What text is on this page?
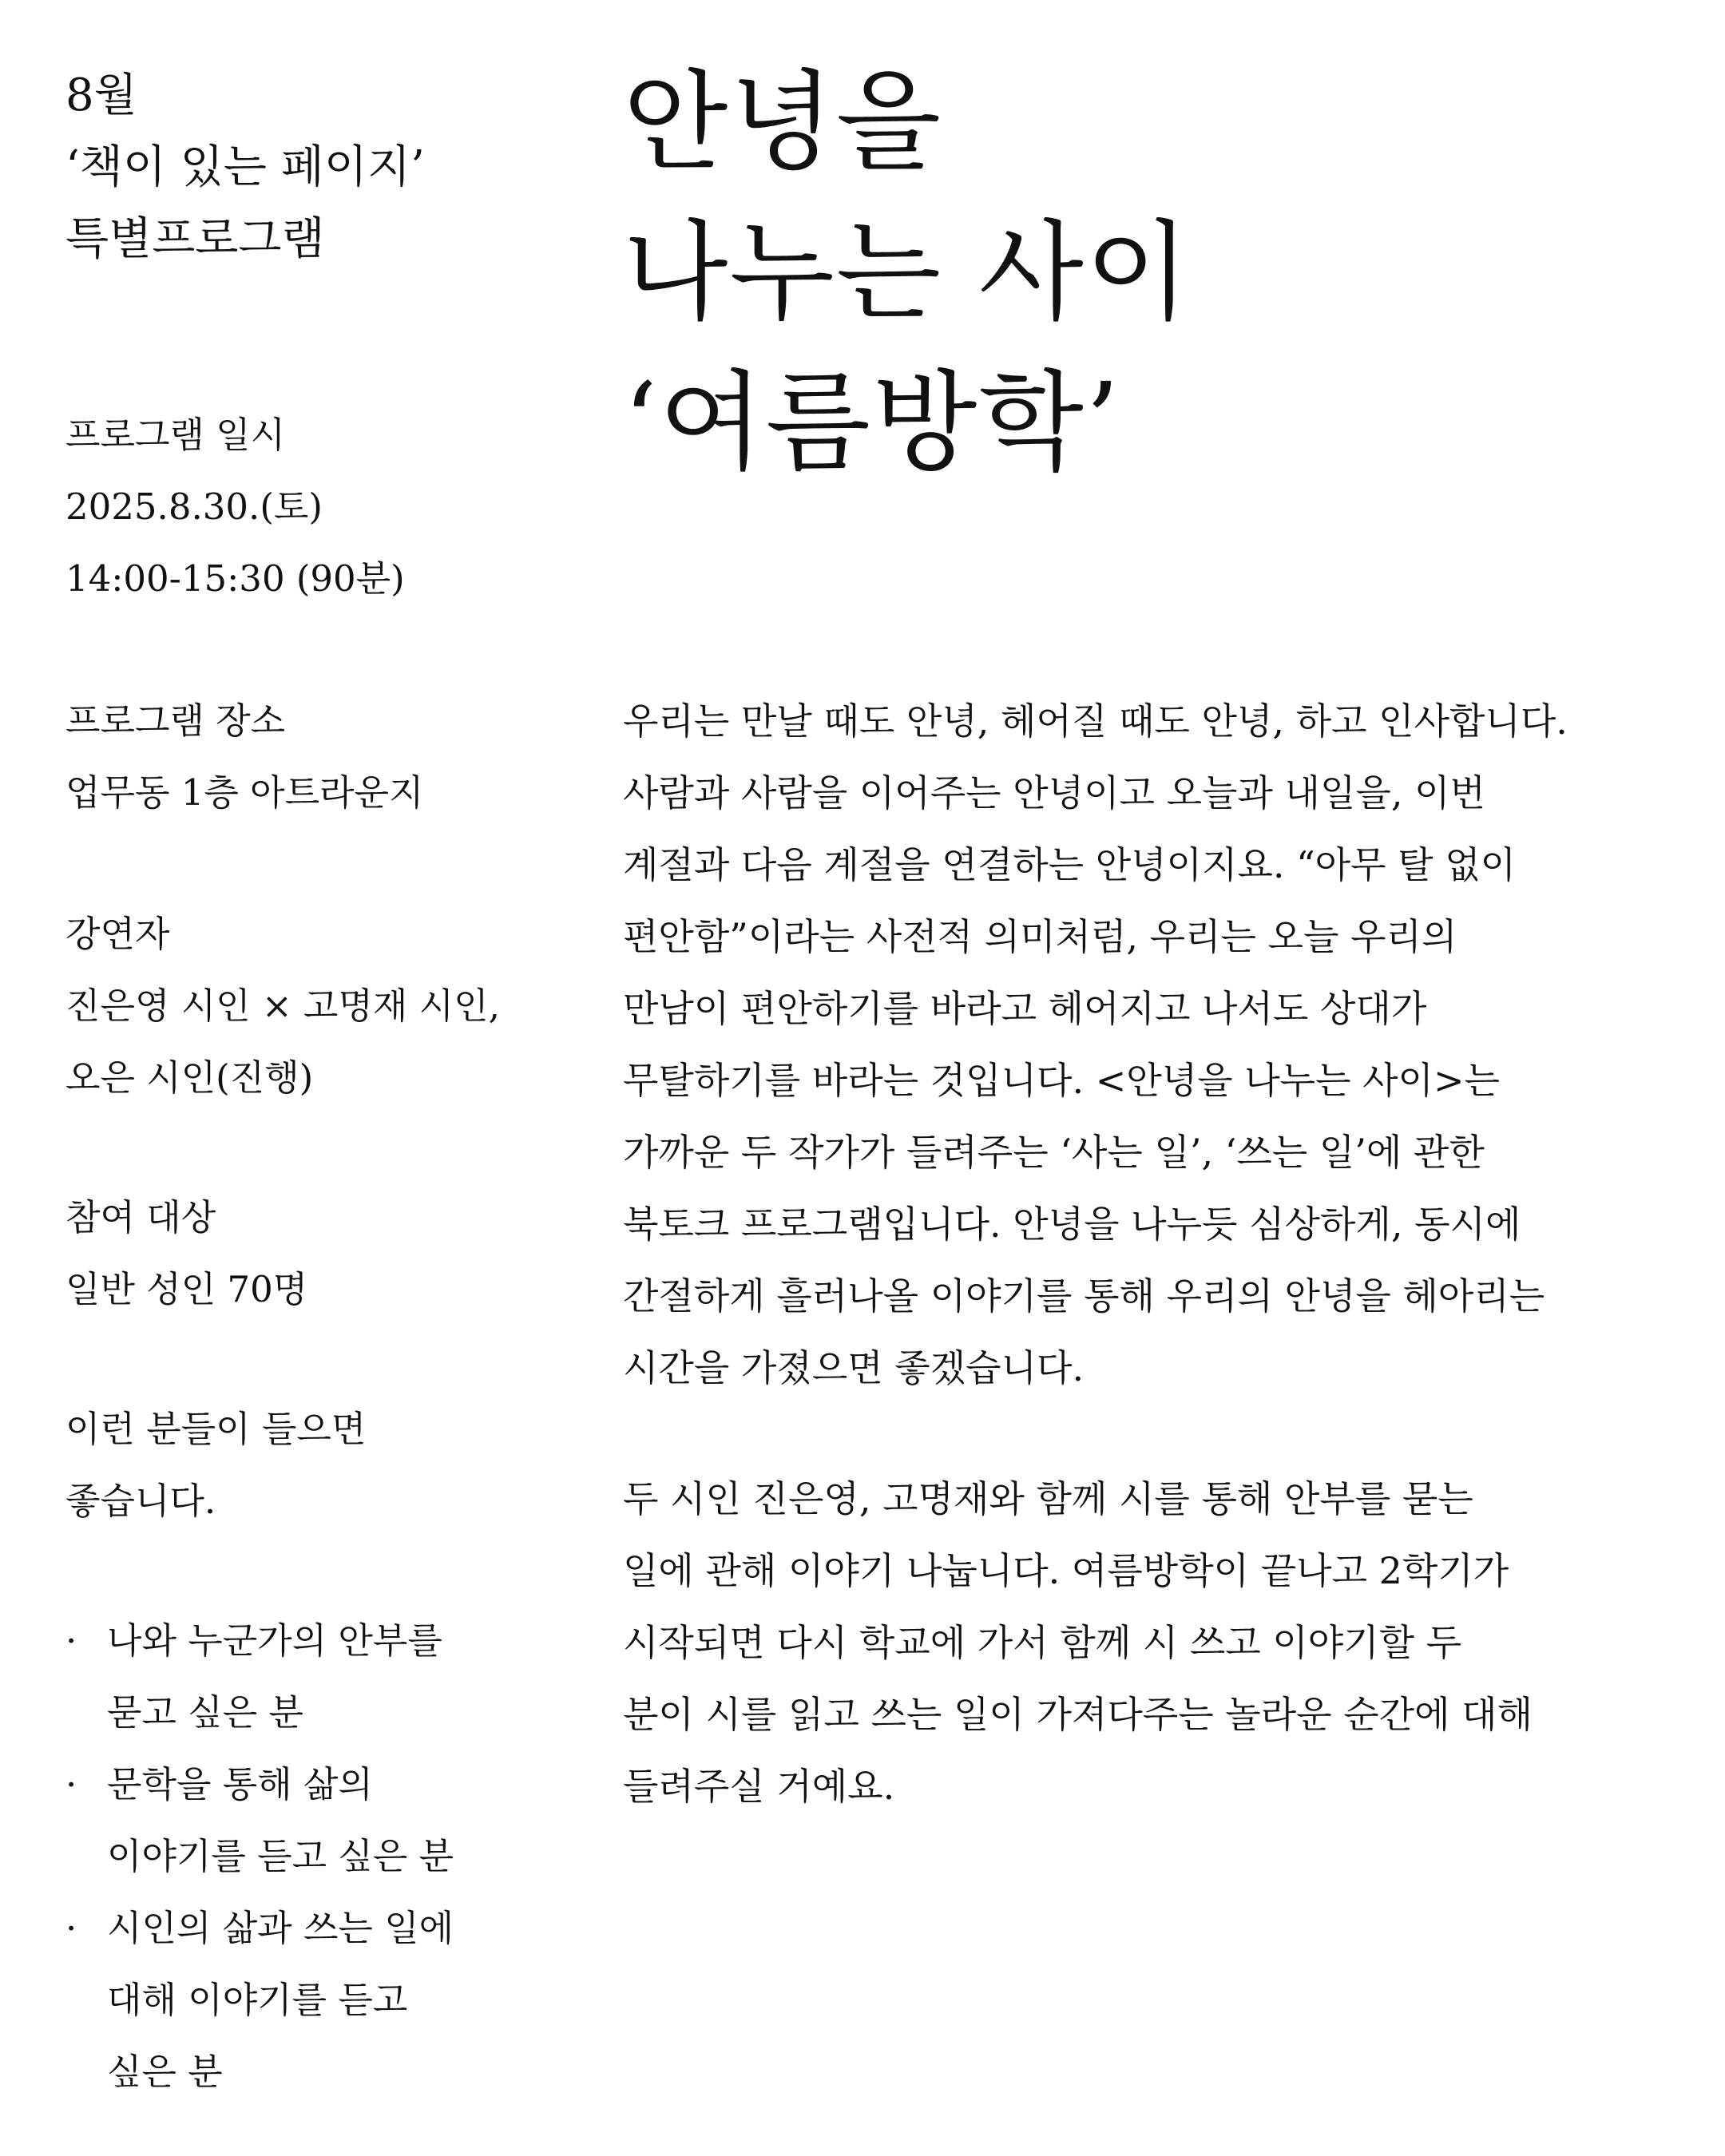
8월
‘책이 있는 페이지’
특별프로그램
프로그램 일시
2025.8.30.(토)
14:00-15:30 (90분)
프로그램 장소
업무동 1층 아트라운지
강연자
진은영 시인 × 고명재 시인,
오은 시인(진행)
참여 대상
일반 성인 70명
이런 분들이 들으면
좋습니다.
· 나와 누군가의 안부를
묻고 싶은 분
· 문학을 통해 삶의
이야기를 듣고 싶은 분
· 시인의 삶과 쓰는 일에
대해 이야기를 듣고
싶은 분
안녕을
나누는 사이
‘여름방학’
우리는 만날 때도 안녕, 헤어질 때도 안녕, 하고 인사합니다.
사람과 사람을 이어주는 안녕이고 오늘과 내일을, 이번
계절과 다음 계절을 연결하는 안녕이지요. “아무 탈 없이
편안함”이라는 사전적 의미처럼, 우리는 오늘 우리의
만남이 편안하기를 바라고 헤어지고 나서도 상대가
무탈하기를 바라는 것입니다. <안녕을 나누는 사이>는
가까운 두 작가가 들려주는 ‘사는 일’, ‘쓰는 일’에 관한
북토크 프로그램입니다. 안녕을 나누듯 심상하게, 동시에
간절하게 흘러나올 이야기를 통해 우리의 안녕을 헤아리는
시간을 가졌으면 좋겠습니다.
두 시인 진은영, 고명재와 함께 시를 통해 안부를 묻는
일에 관해 이야기 나눕니다. 여름방학이 끝나고 2학기가
시작되면 다시 학교에 가서 함께 시 쓰고 이야기할 두
분이 시를 읽고 쓰는 일이 가져다주는 놀라운 순간에 대해
들려주실 거예요.
